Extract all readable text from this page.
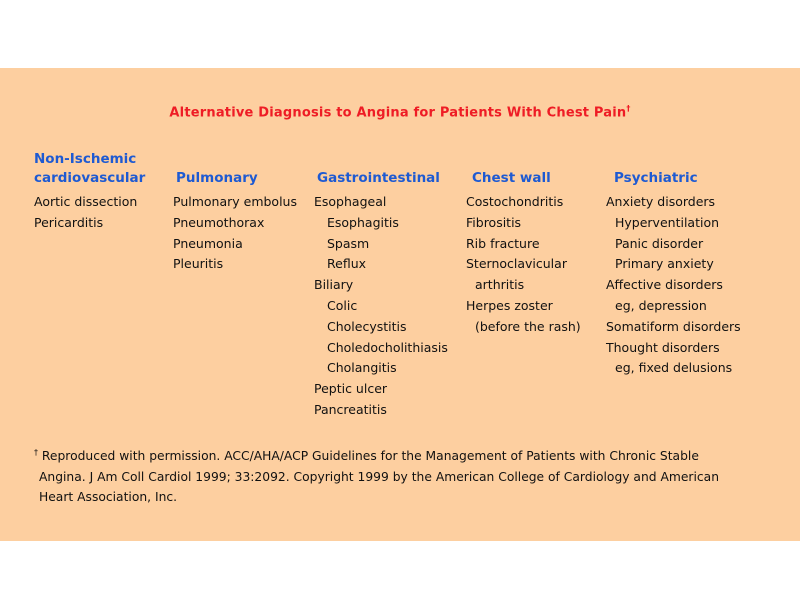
Alternative Diagnosis to Angina for Patients With Chest Pain†
Non-Ischemic
cardiovascular
Aortic dissection
Pericarditis
Pulmonary
Pulmonary embolus
Pneumothorax
Pneumonia
Pleuritis
Gastrointestinal
Esophageal
Esophagitis
Spasm
Reflux
Biliary
Colic
Cholecystitis
Choledocholithiasis
Cholangitis
Peptic ulcer
Pancreatitis
Chest wall
Costochondritis
Fibrositis
Rib fracture
Sternoclavicular
arthritis
Herpes zoster
(before the rash)
Psychiatric
Anxiety disorders
Hyperventilation
Panic disorder
Primary anxiety
Affective disorders
eg, depression
Somatiform disorders
Thought disorders
eg, fixed delusions
† Reproduced with permission. ACC/AHA/ACP Guidelines for the Management of Patients with Chronic Stable
Angina. J Am Coll Cardiol 1999; 33:2092. Copyright 1999 by the American College of Cardiology and American
Heart Association, Inc.
